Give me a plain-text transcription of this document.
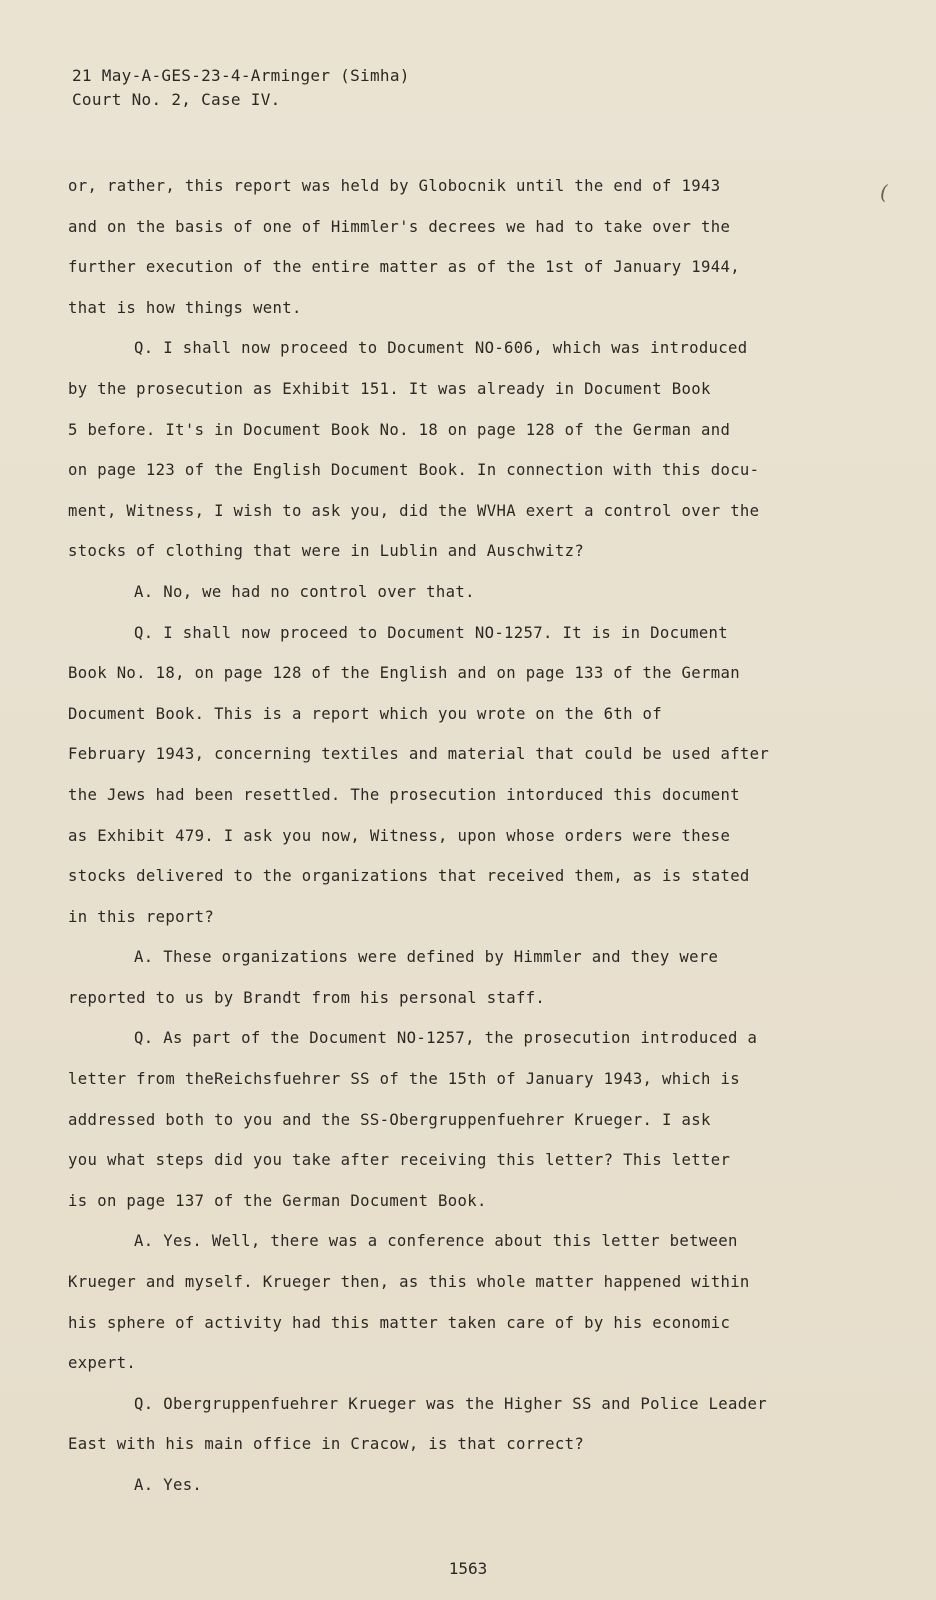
21 May-A-GES-23-4-Arminger (Simha)
Court No. 2, Case IV.
(
or, rather, this report was held by Globocnik until the end of 1943
and on the basis of one of Himmler's decrees we had to take over the
further execution of the entire matter as of the 1st of January 1944,
that is how things went.
Q. I shall now proceed to Document NO-606, which was introduced
by the prosecution as Exhibit 151. It was already in Document Book
5 before. It's in Document Book No. 18 on page 128 of the German and
on page 123 of the English Document Book. In connection with this docu-
ment, Witness, I wish to ask you, did the WVHA exert a control over the
stocks of clothing that were in Lublin and Auschwitz?
A. No, we had no control over that.
Q. I shall now proceed to Document NO-1257. It is in Document
Book No. 18, on page 128 of the English and on page 133 of the German
Document Book. This is a report which you wrote on the 6th of
February 1943, concerning textiles and material that could be used after
the Jews had been resettled. The prosecution intorduced this document
as Exhibit 479. I ask you now, Witness, upon whose orders were these
stocks delivered to the organizations that received them, as is stated
in this report?
A. These organizations were defined by Himmler and they were
reported to us by Brandt from his personal staff.
Q. As part of the Document NO-1257, the prosecution introduced a
letter from theReichsfuehrer SS of the 15th of January 1943, which is
addressed both to you and the SS-Obergruppenfuehrer Krueger. I ask
you what steps did you take after receiving this letter? This letter
is on page 137 of the German Document Book.
A. Yes. Well, there was a conference about this letter between
Krueger and myself. Krueger then, as this whole matter happened within
his sphere of activity had this matter taken care of by his economic
expert.
Q. Obergruppenfuehrer Krueger was the Higher SS and Police Leader
East with his main office in Cracow, is that correct?
A. Yes.
1563
